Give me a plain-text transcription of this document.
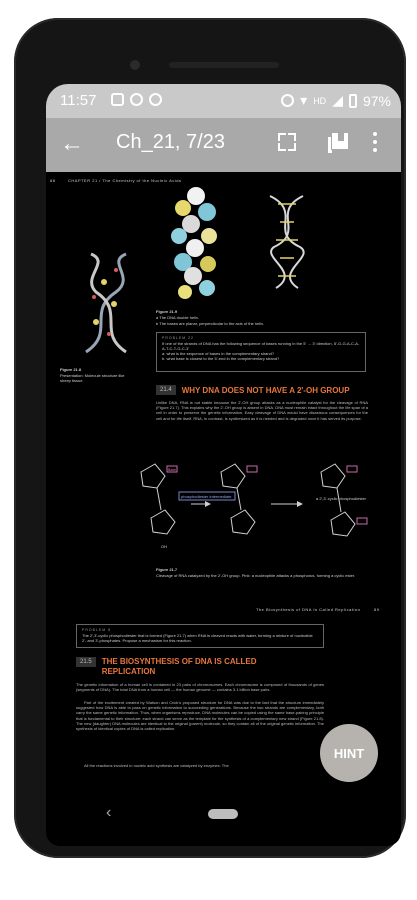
11:57	▾ HD ◢ 97%
← Ch_21, 7/23
88	CHAPTER 21 / The Chemistry of the Nucleic Acids
Figure 21.8
Presentation: Molecule structure like sheep tissue.
Figure 21.9
a The DNA double helix.
b The bases are planar, perpendicular to the axis of the helix.
PROBLEM 22
If one of the strands of DNA has the following sequence of bases running in the 5' → 3' direction, 5'-G-G-A-C-A-A-T-C-T-G-C-3'
a. what is the sequence of bases in the complementary strand?
b. what base is closest to the 5'-end in the complementary strand?
21.4	WHY DNA DOES NOT HAVE A 2'-OH GROUP
Unlike DNA, RNA is not stable because the 2'-OH group attacks as a nucleophile catalyst for the cleavage of RNA (Figure 21.7). This explains why the 2'-OH group is absent in DNA. DNA must remain intact throughout the life span of a cell in order to preserve the genetic information. Easy cleavage of DNA would have disastrous consequences for the cell and for life itself. RNA, in contrast, is synthesized as it is needed and is degraded once it has served its purpose.
phosphodiester intermediate	a 2',3'-cyclic phosphodiester
Base
OH
Figure 21.7
Cleavage of RNA catalyzed by the 2'-OH group. Pink: a nucleophile attacks a phosphorus, forming a cyclic ester.
The Biosynthesis of DNA Is Called Replication	89
PROBLEM 8
The 2',3'-cyclic phosphodiester that is formed (Figure 21.7) when RNA is cleaved reacts with water, forming a mixture of nucleotide 2'- and 3'-phosphates. Propose a mechanism for this reaction.
21.5	THE BIOSYNTHESIS OF DNA IS CALLED
REPLICATION
The genetic information of a human cell is contained in 23 pairs of chromosomes. Each chromosome is composed of thousands of genes (segments of DNA). The total DNA from a human cell — the human genome — contains 3.1 billion base pairs.
Part of the excitement created by Watson and Crick's proposed structure for DNA was due to the fact that the structure immediately suggested how DNA is able to pass on genetic information to succeeding generations. Because the two strands are complementary, both carry the same genetic information. Thus, when organisms reproduce, DNA molecules can be copied using the same base-pairing principle that is fundamental to their structure: each strand can serve as the template for the synthesis of a complementary new strand (Figure 21.8). The new (daughter) DNA molecules are identical to the original (parent) molecule, so they contain all of the original genetic information. The synthesis of identical copies of DNA is called replication.
All the reactions involved in nucleic acid synthesis are catalyzed by enzymes. The
HINT
‹
